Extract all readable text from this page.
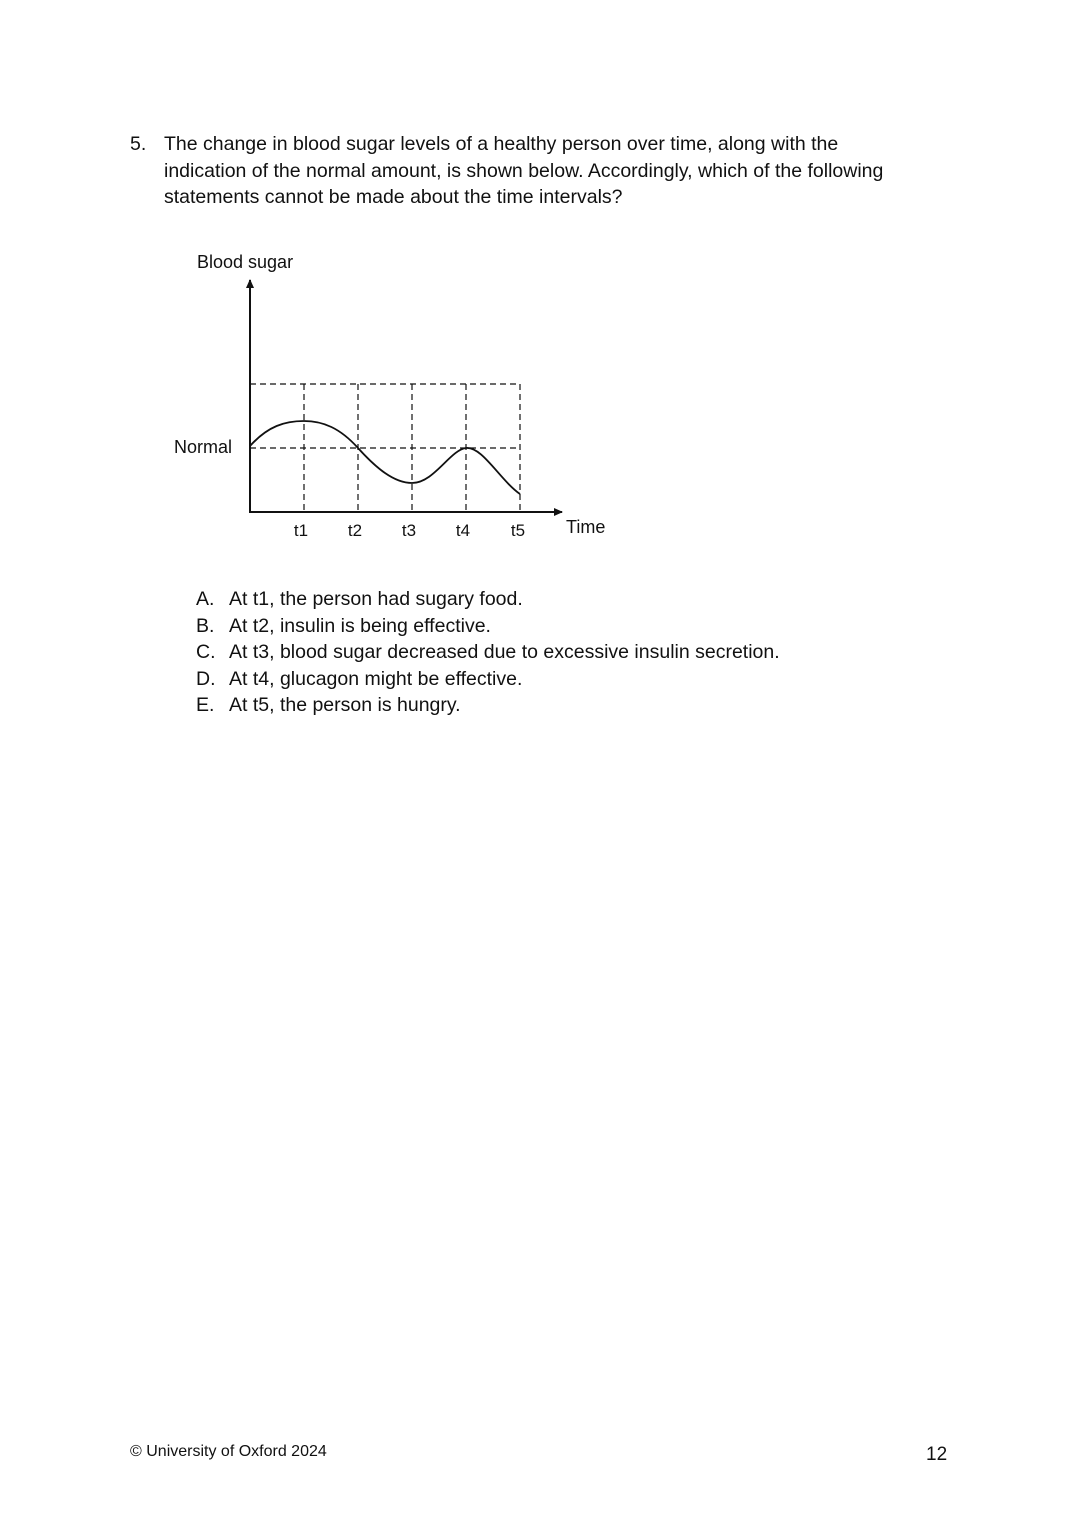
5. The change in blood sugar levels of a healthy person over time, along with the indication of the normal amount, is shown below. Accordingly, which of the following statements cannot be made about the time intervals?
Blood sugar
Normal
Time
t1 t2 t3 t4 t5
A. At t1, the person had sugary food.
B. At t2, insulin is being effective.
C. At t3, blood sugar decreased due to excessive insulin secretion.
D. At t4, glucagon might be effective.
E. At t5, the person is hungry.
© University of Oxford 2024	12
